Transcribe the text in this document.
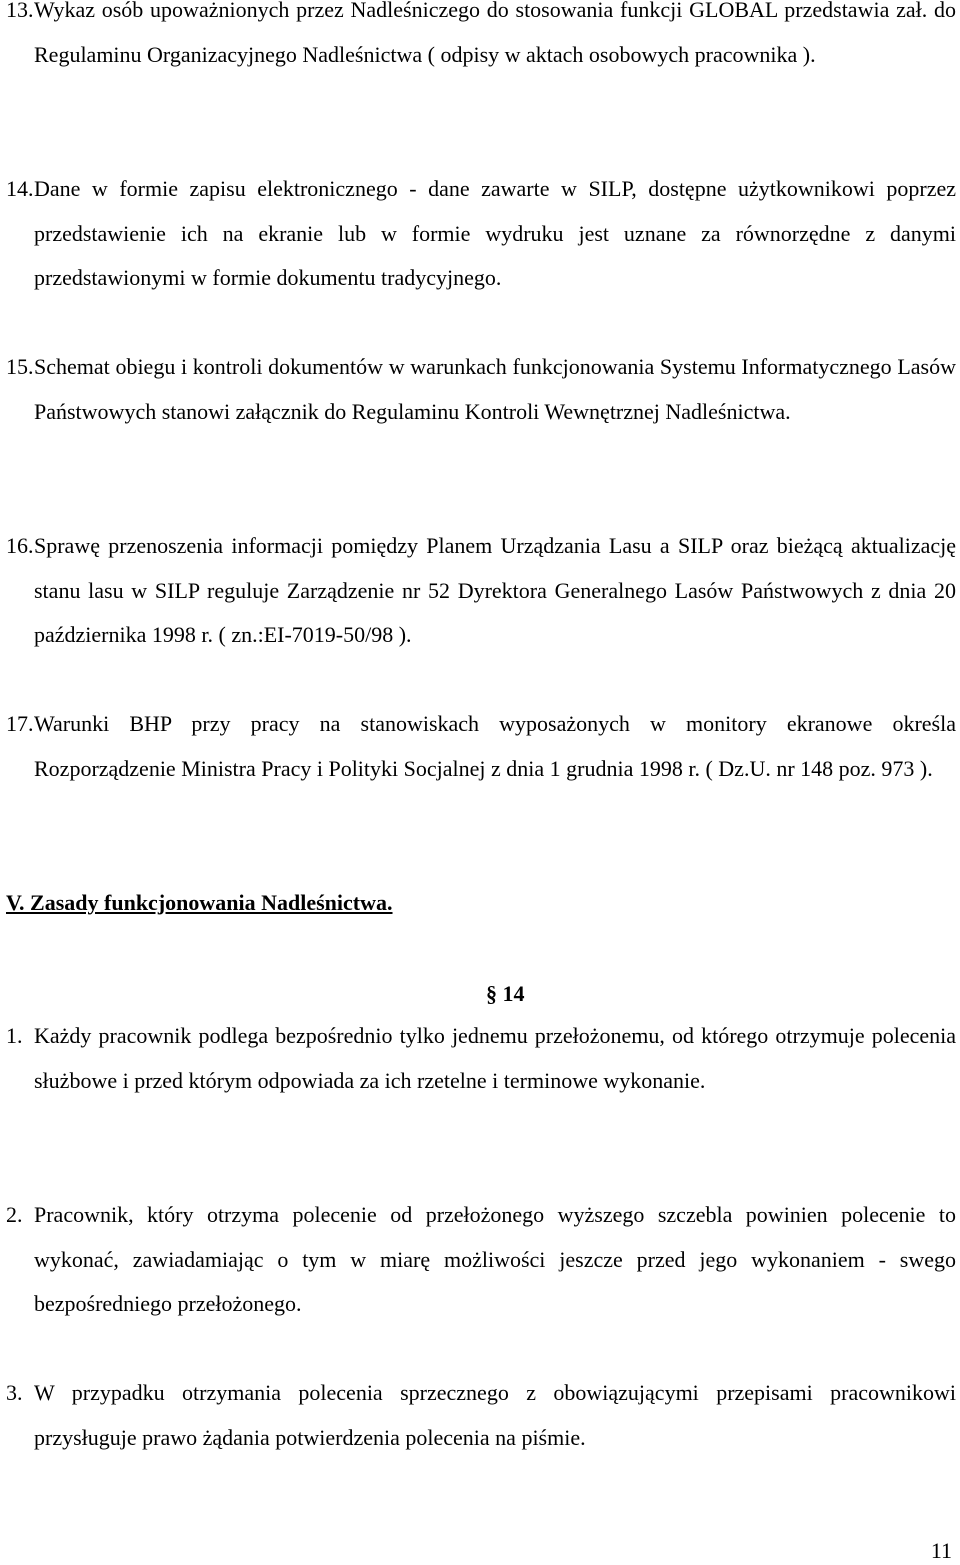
13. Wykaz osób upoważnionych przez Nadleśniczego do stosowania funkcji GLOBAL przedstawia zał. do Regulaminu Organizacyjnego Nadleśnictwa ( odpisy w aktach osobowych pracownika ).
14. Dane w formie zapisu elektronicznego - dane zawarte w SILP, dostępne użytkownikowi poprzez przedstawienie ich na ekranie lub w formie wydruku jest uznane za równorzędne z danymi przedstawionymi w formie dokumentu tradycyjnego.
15. Schemat obiegu i kontroli dokumentów w warunkach funkcjonowania Systemu Informatycznego Lasów Państwowych stanowi załącznik do Regulaminu Kontroli Wewnętrznej Nadleśnictwa.
16. Sprawę przenoszenia informacji pomiędzy Planem Urządzania Lasu a SILP oraz bieżącą aktualizację stanu lasu w SILP reguluje Zarządzenie nr 52 Dyrektora Generalnego Lasów Państwowych z dnia 20 października 1998 r. ( zn.:EI-7019-50/98 ).
17. Warunki BHP przy pracy na stanowiskach wyposażonych w monitory ekranowe określa Rozporządzenie Ministra Pracy i Polityki Socjalnej z dnia 1 grudnia 1998 r. ( Dz.U. nr 148 poz. 973 ).
V. Zasady funkcjonowania Nadleśnictwa.
§ 14
1. Każdy pracownik podlega bezpośrednio tylko jednemu przełożonemu, od którego otrzymuje polecenia służbowe i przed którym odpowiada za ich rzetelne i terminowe wykonanie.
2. Pracownik, który otrzyma polecenie od przełożonego wyższego szczebla powinien polecenie to wykonać, zawiadamiając o tym w miarę możliwości jeszcze przed jego wykonaniem - swego bezpośredniego przełożonego.
3. W przypadku otrzymania polecenia sprzecznego z obowiązującymi przepisami pracownikowi przysługuje prawo żądania potwierdzenia polecenia na piśmie.
11
